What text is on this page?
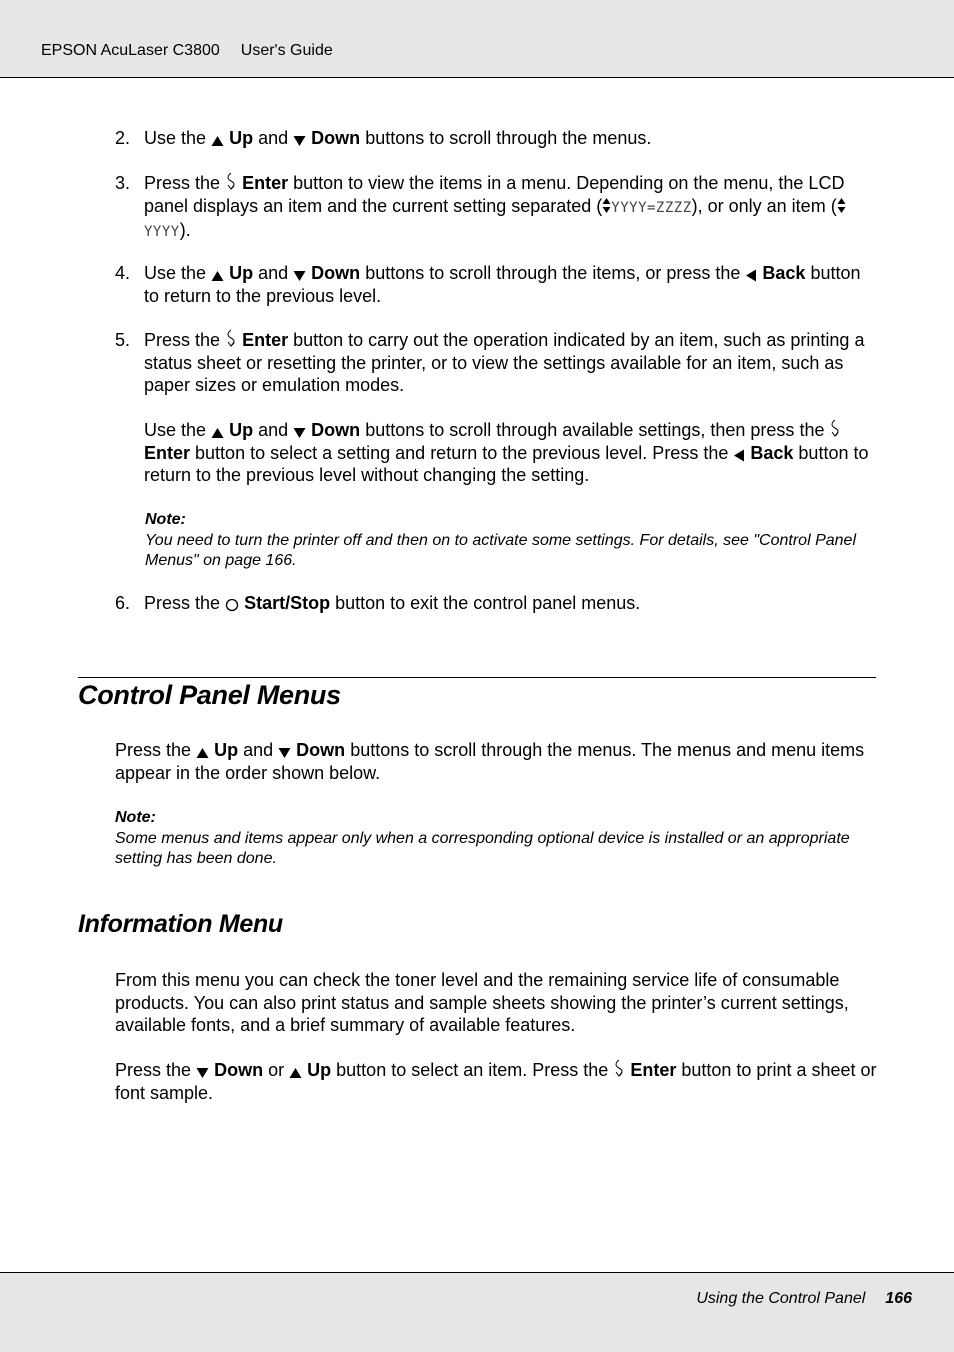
EPSON AcuLaser C3800 User's Guide
2. Use the Up and Down buttons to scroll through the menus.
3. Press the Enter button to view the items in a menu. Depending on the menu, the LCD panel displays an item and the current setting separated ( YYYY=ZZZZ), or only an item (
YYYY).
4. Use the Up and Down buttons to scroll through the items, or press the Back button to return to the previous level.
5. Press the Enter button to carry out the operation indicated by an item, such as printing a status sheet or resetting the printer, or to view the settings available for an item, such as paper sizes or emulation modes.
Use the Up and Down buttons to scroll through available settings, then press the
Enter button to select a setting and return to the previous level. Press the Back button to return to the previous level without changing the setting.
Note:
You need to turn the printer off and then on to activate some settings. For details, see "Control Panel Menus" on page 166.
6. Press the Start/Stop button to exit the control panel menus.
Control Panel Menus
Press the Up and Down buttons to scroll through the menus. The menus and menu items appear in the order shown below.
Note:
Some menus and items appear only when a corresponding optional device is installed or an appropriate setting has been done.
Information Menu
From this menu you can check the toner level and the remaining service life of consumable products. You can also print status and sample sheets showing the printer’s current settings, available fonts, and a brief summary of available features.
Press the Down or Up button to select an item. Press the Enter button to print a sheet or font sample.
Using the Control Panel 166
